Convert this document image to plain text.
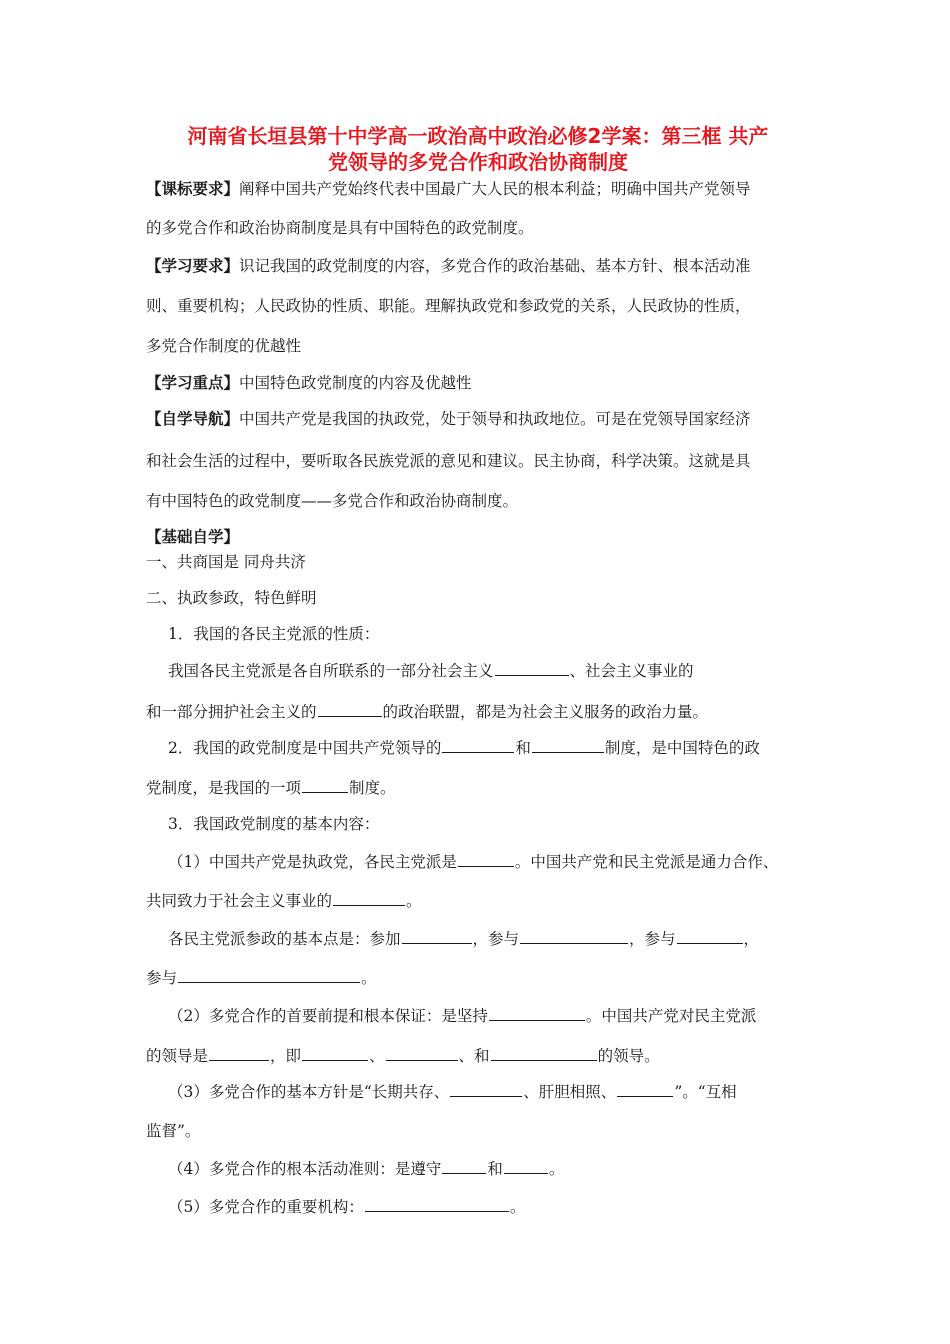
河南省长垣县第十中学高一政治高中政治必修2学案：第三框 共产
党领导的多党合作和政治协商制度
【课标要求】阐释中国共产党始终代表中国最广大人民的根本利益；明确中国共产党领导
的多党合作和政治协商制度是具有中国特色的政党制度。
【学习要求】识记我国的政党制度的内容，多党合作的政治基础、基本方针、根本活动准
则、重要机构；人民政协的性质、职能。理解执政党和参政党的关系，人民政协的性质，
多党合作制度的优越性
【学习重点】中国特色政党制度的内容及优越性
【自学导航】中国共产党是我国的执政党，处于领导和执政地位。可是在党领导国家经济
和社会生活的过程中，要听取各民族党派的意见和建议。民主协商，科学决策。这就是具
有中国特色的政党制度——多党合作和政治协商制度。
【基础自学】
一、共商国是 同舟共济
二、执政参政，特色鲜明
1．我国的各民主党派的性质：
我国各民主党派是各自所联系的一部分社会主义	、社会主义事业的
和一部分拥护社会主义的	的政治联盟，都是为社会主义服务的政治力量。
2．我国的政党制度是中国共产党领导的	和	制度，是中国特色的政
党制度，是我国的一项	制度。
3．我国政党制度的基本内容：
（1）中国共产党是执政党，各民主党派是	。中国共产党和民主党派是通力合作、
共同致力于社会主义事业的	。
各民主党派参政的基本点是：参加	，参与	，参与	，
参与	。
（2）多党合作的首要前提和根本保证：是坚持	。中国共产党对民主党派
的领导是	，即	、	、和	的领导。
（3）多党合作的基本方针是“长期共存、	、肝胆相照、	”。“互相
监督”。
（4）多党合作的根本活动准则：是遵守	和	。
（5）多党合作的重要机构：	。
